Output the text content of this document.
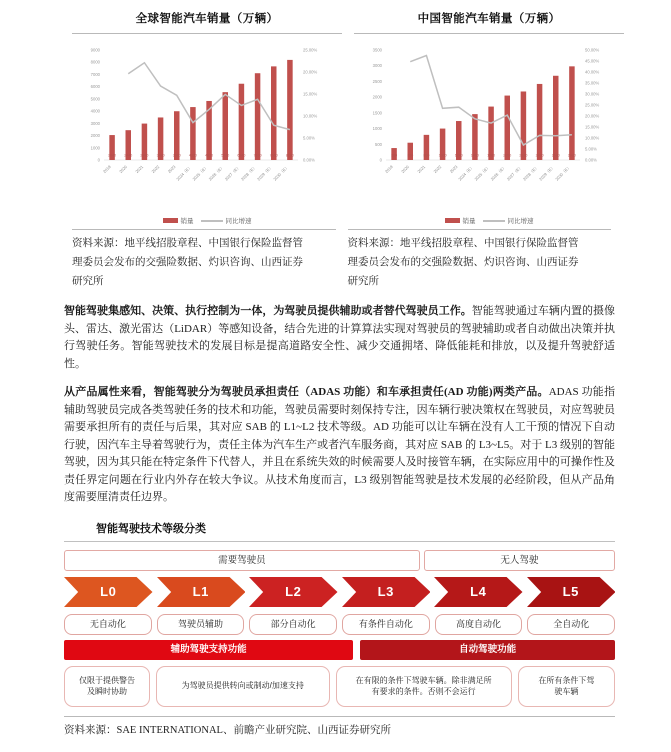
全球智能汽车销量（万辆）
0
1000
2000
3000
4000
5000
6000
7000
8000
9000
0.00%
5.00%
10.00%
15.00%
20.00%
25.00%
2040
2019
2440
2020
2980
2021
3480
2022
3990
2023
4330
2024（E）
4830
2025（E）
5550
2026（E）
6240
2027（E）
7100
2028（E）
7660
2029（E）
8190
2030（E）
销量	同比增速
中国智能汽车销量（万辆）
0
500
1000
1500
2000
2500
3000
3500
0.00%
5.00%
10.00%
15.00%
20.00%
25.00%
30.00%
35.00%
40.00%
45.00%
50.00%
380
2019
550
2020
800
2021
1000
2022
1240
2023
1460
2024（E）
1700
2025（E）
2050
2026（E）
2180
2027（E）
2420
2028（E）
2680
2029（E）
2980
2030（E）
销量	同比增速

资料来源：地平线招股章程、中国银行保险监督管

理委员会发布的交强险数据、灼识咨询、山西证券

研究所

资料来源：地平线招股章程、中国银行保险监督管

理委员会发布的交强险数据、灼识咨询、山西证券

研究所

智能驾驶集感知、决策、执行控制为一体，为驾驶员提供辅助或者替代驾驶员工作。智能驾驶通过车辆内置的摄像头、雷达、激光雷达（LiDAR）等感知设备，结合先进的计算算法实现对驾驶员的驾驶辅助或者自动做出决策并执行驾驶任务。智能驾驶技术的发展目标是提高道路安全性、减少交通拥堵、降低能耗和排放，以及提升驾驶舒适性。

从产品属性来看，智能驾驶分为驾驶员承担责任（ADAS 功能）和车承担责任(AD 功能)两类产品。ADAS 功能指辅助驾驶员完成各类驾驶任务的技术和功能，驾驶员需要时刻保持专注，因车辆行驶决策权在驾驶员，对应驾驶员需要承担所有的责任与后果，其对应 SAB 的 L1~L2 技术等级。AD 功能可以让车辆在没有人工干预的情况下自动行驶，因汽车主导着驾驶行为，责任主体为汽车生产或者汽车服务商，其对应 SAB 的 L3~L5。对于 L3 级别的智能驾驶，因为其只能在特定条件下代替人，并且在系统失效的时候需要人及时接管车辆，在实际应用中的可操作性及责任界定问题在行业内外存在较大争议。从技术角度而言，L3 级别智能驾驶是技术发展的必经阶段，但从产品角度需要厘清责任边界。

智能驾驶技术等级分类
需要驾驶员	无人驾驶
L0	L1	L2	L3	L4	L5
无自动化	驾驶员辅助	部分自动化	有条件自动化	高度自动化	全自动化
辅助驾驶支持功能	自动驾驶功能
仅限于提供警告
及瞬时协助
为驾驶员提供转向或制动/加速支持
在有限的条件下驾驶车辆。除非满足所
有要求的条件。否则不会运行
在所有条件下驾
驶车辆

资料来源：SAE INTERNATIONAL、前瞻产业研究院、山西证券研究所
